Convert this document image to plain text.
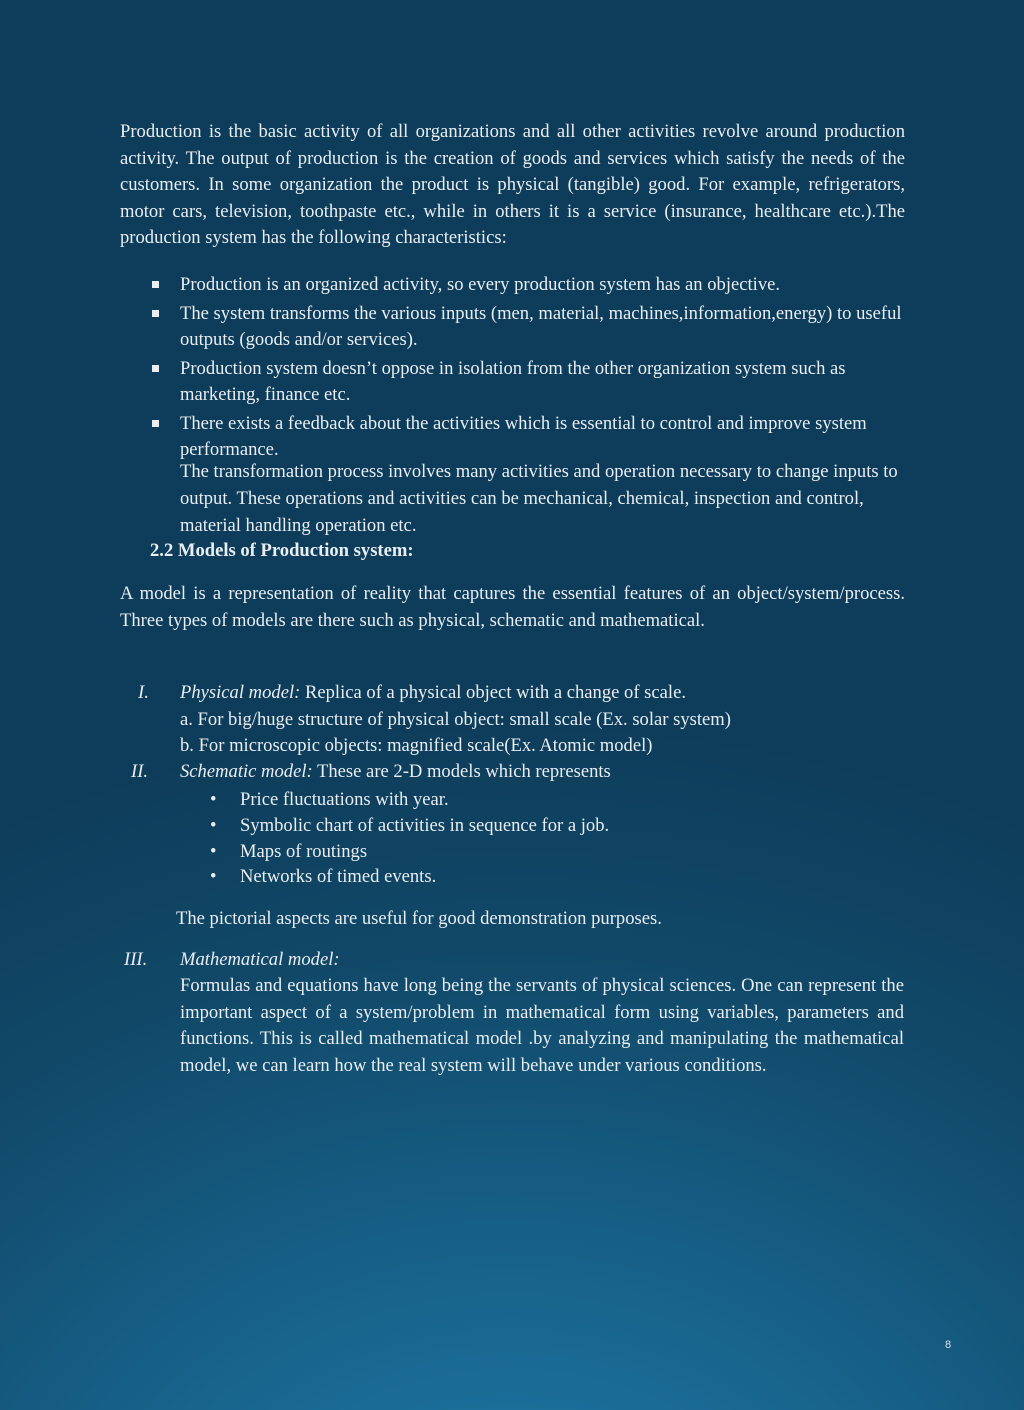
Production is the basic activity of all organizations and all other activities revolve around production activity. The output of production is the creation of goods and services which satisfy the needs of the customers. In some organization the product is physical (tangible) good. For example, refrigerators, motor cars, television, toothpaste etc., while in others it is a service (insurance, healthcare etc.).The production system has the following characteristics:

Production is an organized activity, so every production system has an objective.
The system transforms the various inputs (men, material, machines,information,energy) to useful outputs (goods and/or services).
Production system doesn’t oppose in isolation from the other organization system such as marketing, finance etc.
There exists a feedback about the activities which is essential to control and improve system performance.

The transformation process involves many activities and operation necessary to change inputs to output. These operations and activities can be mechanical, chemical, inspection and control, material handling operation etc.

2.2 Models of Production system:

A model is a representation of reality that captures the essential features of an object/system/process. Three types of models are there such as physical, schematic and mathematical.

I. Physical model: Replica of a physical object with a change of scale.
a. For big/huge structure of physical object: small scale (Ex. solar system)
b. For microscopic objects: magnified scale(Ex. Atomic model)
II. Schematic model: These are 2-D models which represents
• Price fluctuations with year.
• Symbolic chart of activities in sequence for a job.
• Maps of routings
• Networks of timed events.

The pictorial aspects are useful for good demonstration purposes.

III. Mathematical model:

Formulas and equations have long being the servants of physical sciences. One can represent the important aspect of a system/problem in mathematical form using variables, parameters and functions. This is called mathematical model .by analyzing and manipulating the mathematical model, we can learn how the real system will behave under various conditions.

8
